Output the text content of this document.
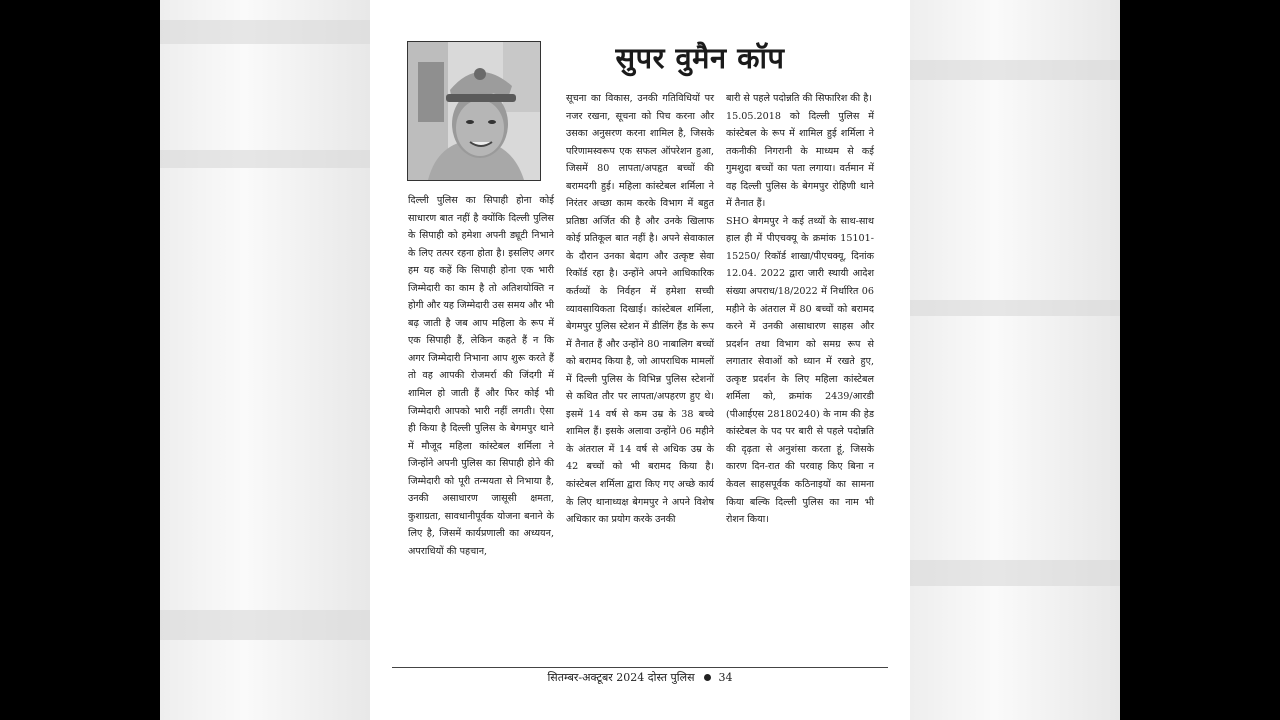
सुपर वुमैन कॉप

दिल्ली पुलिस का सिपाही होना कोई साधारण बात नहीं है क्योंकि दिल्ली पुलिस के सिपाही को हमेशा अपनी ड्यूटी निभाने के लिए तत्पर रहना होता है। इसलिए अगर हम यह कहें कि सिपाही होना एक भारी जिम्मेदारी का काम है तो अतिशयोक्ति न होगी और यह जिम्मेदारी उस समय और भी बढ़ जाती है जब आप महिला के रूप में एक सिपाही हैं, लेकिन कहते हैं न कि अगर जिम्मेदारी निभाना आप शुरू करते हैं तो वह आपकी रोजमर्रा की जिंदगी में शामिल हो जाती हैं और फिर कोई भी जिम्मेदारी आपको भारी नहीं लगती। ऐसा ही किया है दिल्ली पुलिस के बेगमपुर थाने में मौजूद महिला कांस्टेबल शर्मिला ने जिन्होंने अपनी पुलिस का सिपाही होने की जिम्मेदारी को पूरी तन्मयता से निभाया है, उनकी असाधारण जासूसी क्षमता, कुशाग्रता, सावधानीपूर्वक योजना बनाने के लिए है, जिसमें कार्यप्रणाली का अध्ययन, अपराधियों की पहचान,

सूचना का विकास, उनकी गतिविधियों पर नजर रखना, सूचना को पिच करना और उसका अनुसरण करना शामिल है, जिसके परिणामस्वरूप एक सफल ऑपरेशन हुआ, जिसमें 80 लापता/अपहृत बच्चों की बरामदगी हुई। महिला कांस्टेबल शर्मिला ने निरंतर अच्छा काम करके विभाग में बहुत प्रतिष्ठा अर्जित की है और उनके खिलाफ कोई प्रतिकूल बात नहीं है। अपने सेवाकाल के दौरान उनका बेदाग और उत्कृष्ट सेवा रिकॉर्ड रहा है। उन्होंने अपने आधिकारिक कर्तव्यों के निर्वहन में हमेशा सच्ची व्यावसायिकता दिखाई। कांस्टेबल शर्मिला, बेगमपुर पुलिस स्टेशन में डीलिंग हैंड के रूप में तैनात हैं और उन्होंने 80 नाबालिग बच्चों को बरामद किया है, जो आपराधिक मामलों में दिल्ली पुलिस के विभिन्न पुलिस स्टेशनों से कथित तौर पर लापता/अपहरण हुए थे। इसमें 14 वर्ष से कम उम्र के 38 बच्चे शामिल हैं। इसके अलावा उन्होंने 06 महीने के अंतराल में 14 वर्ष से अधिक उम्र के 42 बच्चों को भी बरामद किया है। कांस्टेबल शर्मिला द्वारा किए गए अच्छे कार्य के लिए थानाध्यक्ष बेगमपुर ने अपने विशेष अधिकार का प्रयोग करके उनकी

बारी से पहले पदोन्नति की सिफारिश की है।

15.05.2018 को दिल्ली पुलिस में कांस्टेबल के रूप में शामिल हुई शर्मिला ने तकनीकी निगरानी के माध्यम से कई गुमशुदा बच्चों का पता लगाया। वर्तमान में वह दिल्ली पुलिस के बेगमपुर रोहिणी थाने में तैनात हैं।

SHO बेगमपुर ने कई तथ्यों के साथ-साथ हाल ही में पीएचक्यू के क्रमांक 15101-15250/ रिकॉर्ड शाखा/पीएचक्यू, दिनांक 12.04. 2022 द्वारा जारी स्थायी आदेश संख्या अपराध/18/2022 में निर्धारित 06 महीने के अंतराल में 80 बच्चों को बरामद करने में उनकी असाधारण साहस और प्रदर्शन तथा विभाग को समग्र रूप से लगातार सेवाओं को ध्यान में रखते हुए, उत्कृष्ट प्रदर्शन के लिए महिला कांस्टेबल शर्मिला को, क्रमांक 2439/आरडी (पीआईएस 28180240) के नाम की हेड कांस्टेबल के पद पर बारी से पहले पदोन्नति की दृढ़ता से अनुशंसा करता हूं, जिसके कारण दिन-रात की परवाह किए बिना न केवल साहसपूर्वक कठिनाइयों का सामना किया बल्कि दिल्ली पुलिस का नाम भी रोशन किया।

सितम्बर-अक्टूबर 2024 दोस्त पुलिस 34
